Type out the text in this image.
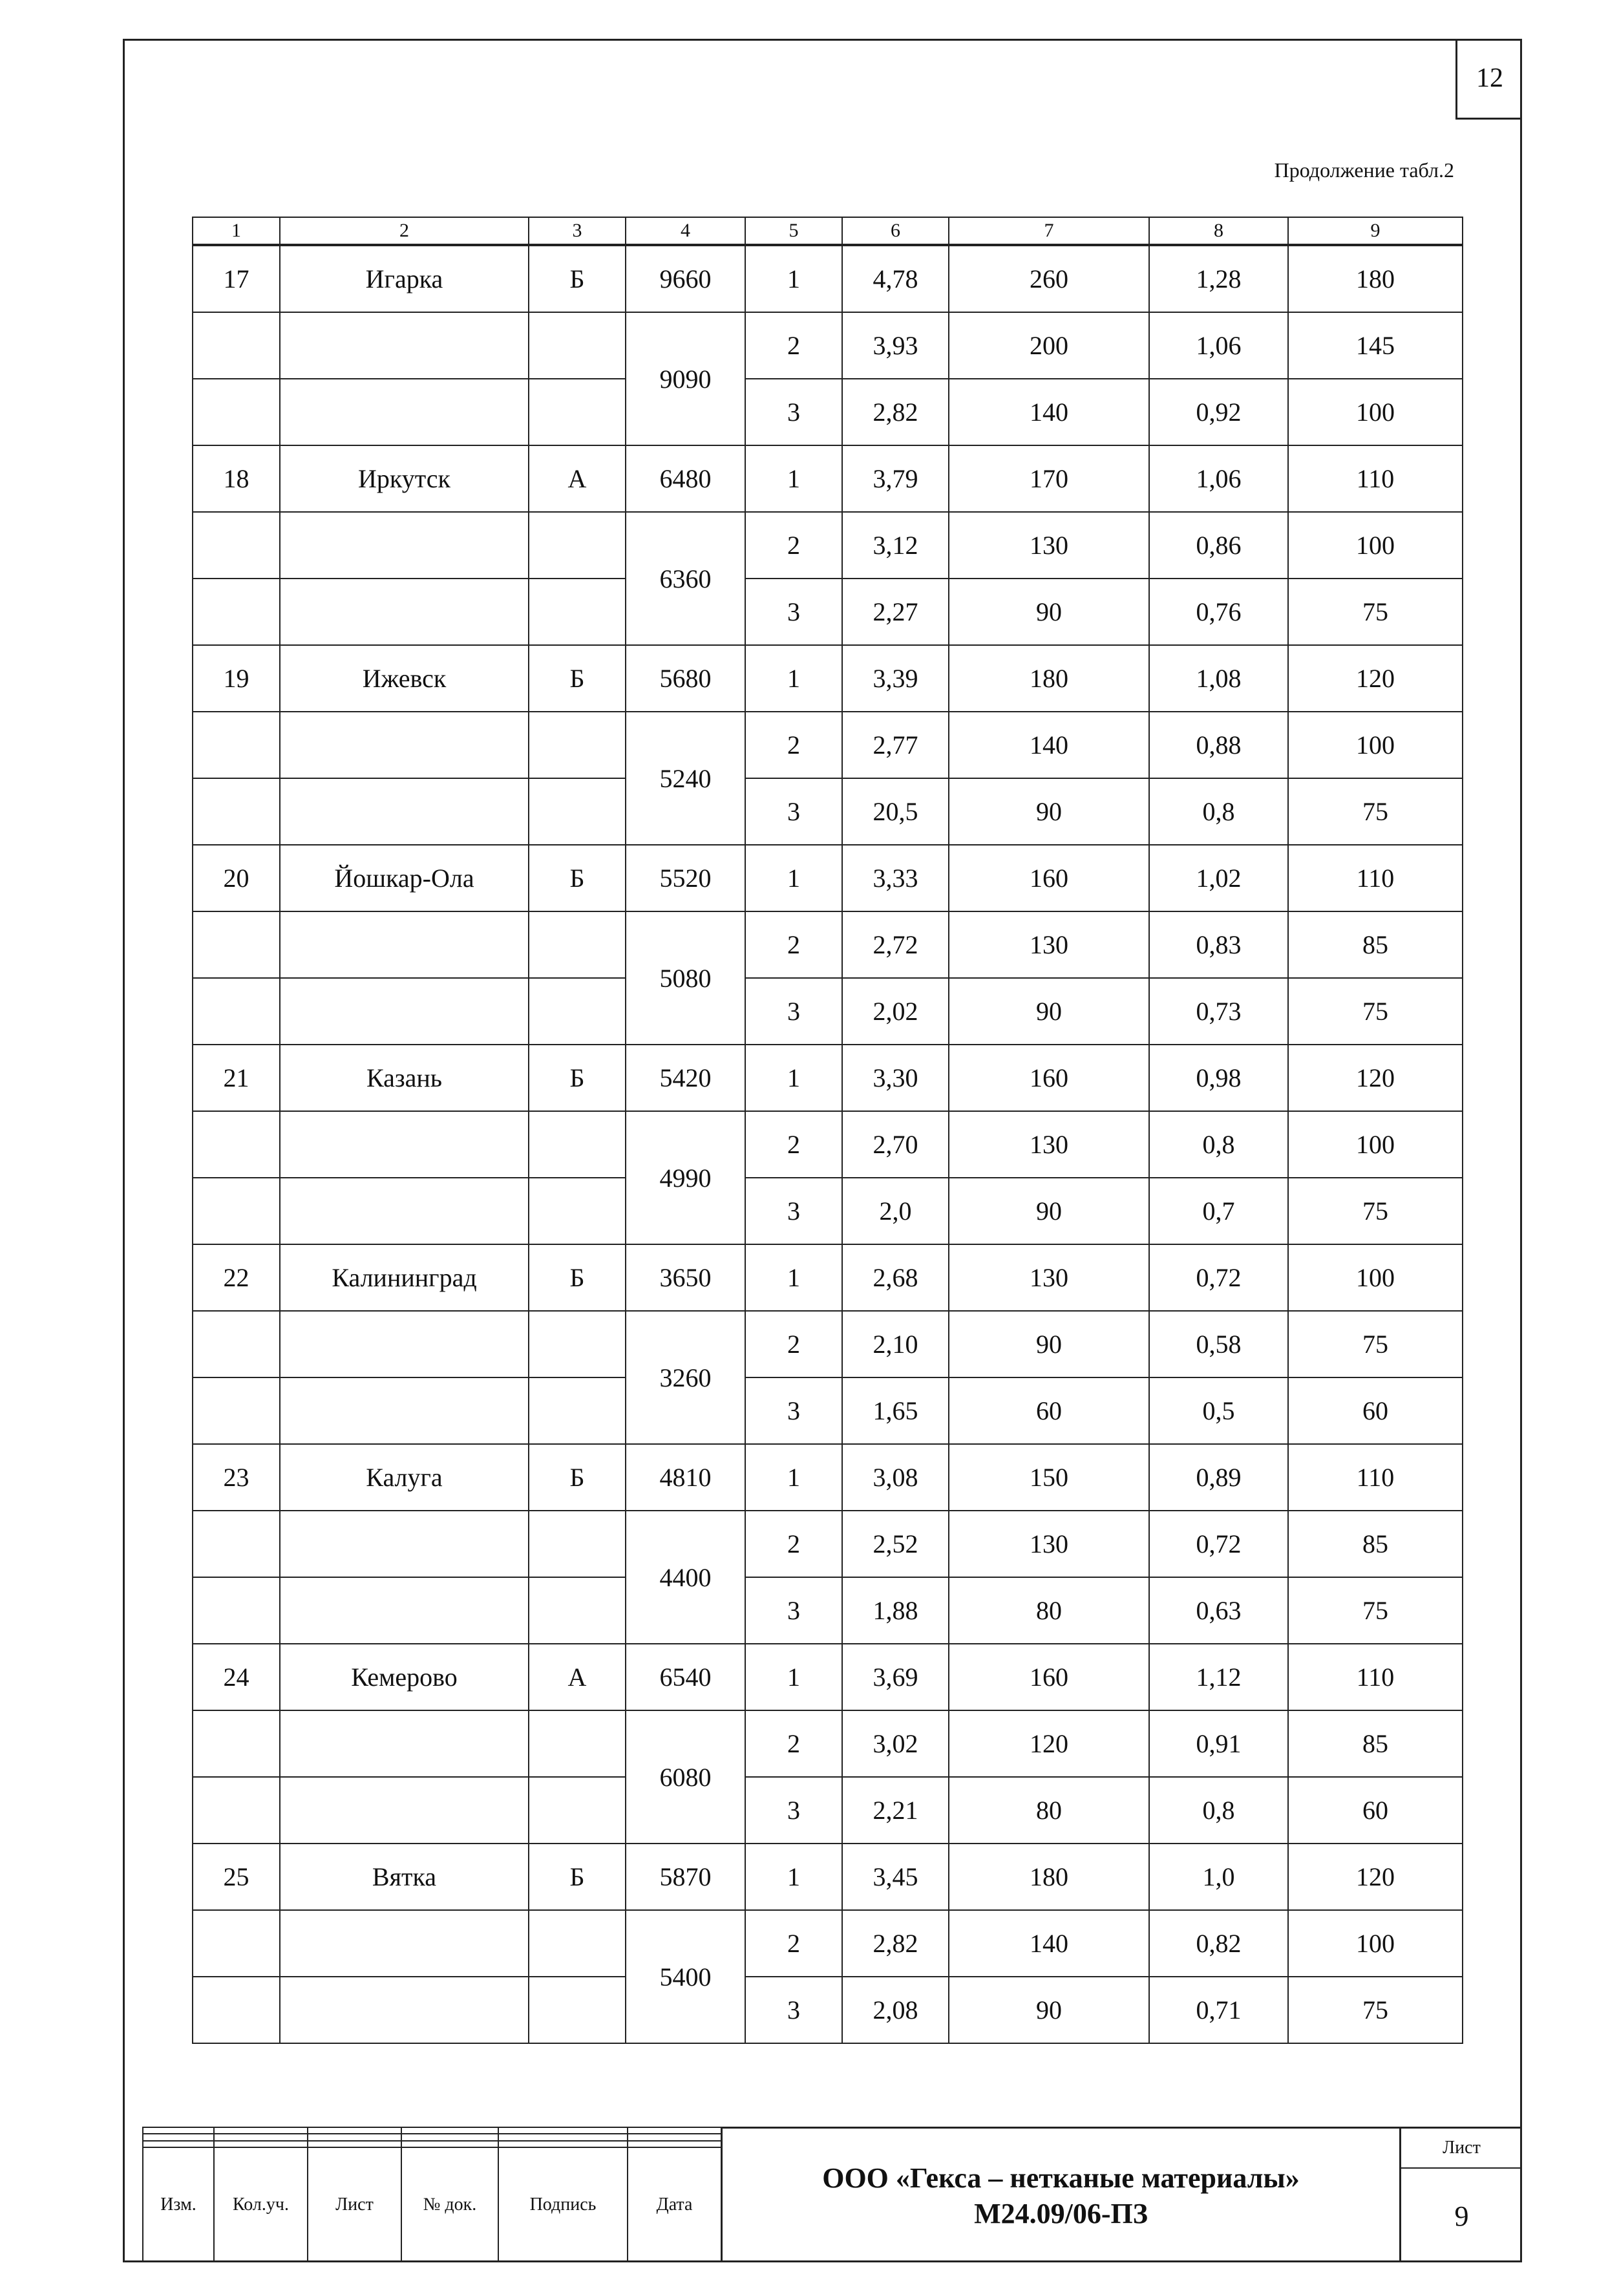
12
Продолжение табл.2
1	2	3	4	5	6	7	8	9
17	Игарка	Б	9660	1	4,78	260	1,28	180
			9090	2	3,93	200	1,06	145
				3	2,82	140	0,92	100
18	Иркутск	А	6480	1	3,79	170	1,06	110
			6360	2	3,12	130	0,86	100
				3	2,27	90	0,76	75
19	Ижевск	Б	5680	1	3,39	180	1,08	120
			5240	2	2,77	140	0,88	100
				3	20,5	90	0,8	75
20	Йошкар-Ола	Б	5520	1	3,33	160	1,02	110
			5080	2	2,72	130	0,83	85
				3	2,02	90	0,73	75
21	Казань	Б	5420	1	3,30	160	0,98	120
			4990	2	2,70	130	0,8	100
				3	2,0	90	0,7	75
22	Калининград	Б	3650	1	2,68	130	0,72	100
			3260	2	2,10	90	0,58	75
				3	1,65	60	0,5	60
23	Калуга	Б	4810	1	3,08	150	0,89	110
			4400	2	2,52	130	0,72	85
				3	1,88	80	0,63	75
24	Кемерово	А	6540	1	3,69	160	1,12	110
			6080	2	3,02	120	0,91	85
				3	2,21	80	0,8	60
25	Вятка	Б	5870	1	3,45	180	1,0	120
			5400	2	2,82	140	0,82	100
				3	2,08	90	0,71	75

Изм.	Кол.уч.	Лист	№ док.	Подпись	Дата
ООО «Гекса – нетканые материалы»
М24.09/06-ПЗ
Лист
9
